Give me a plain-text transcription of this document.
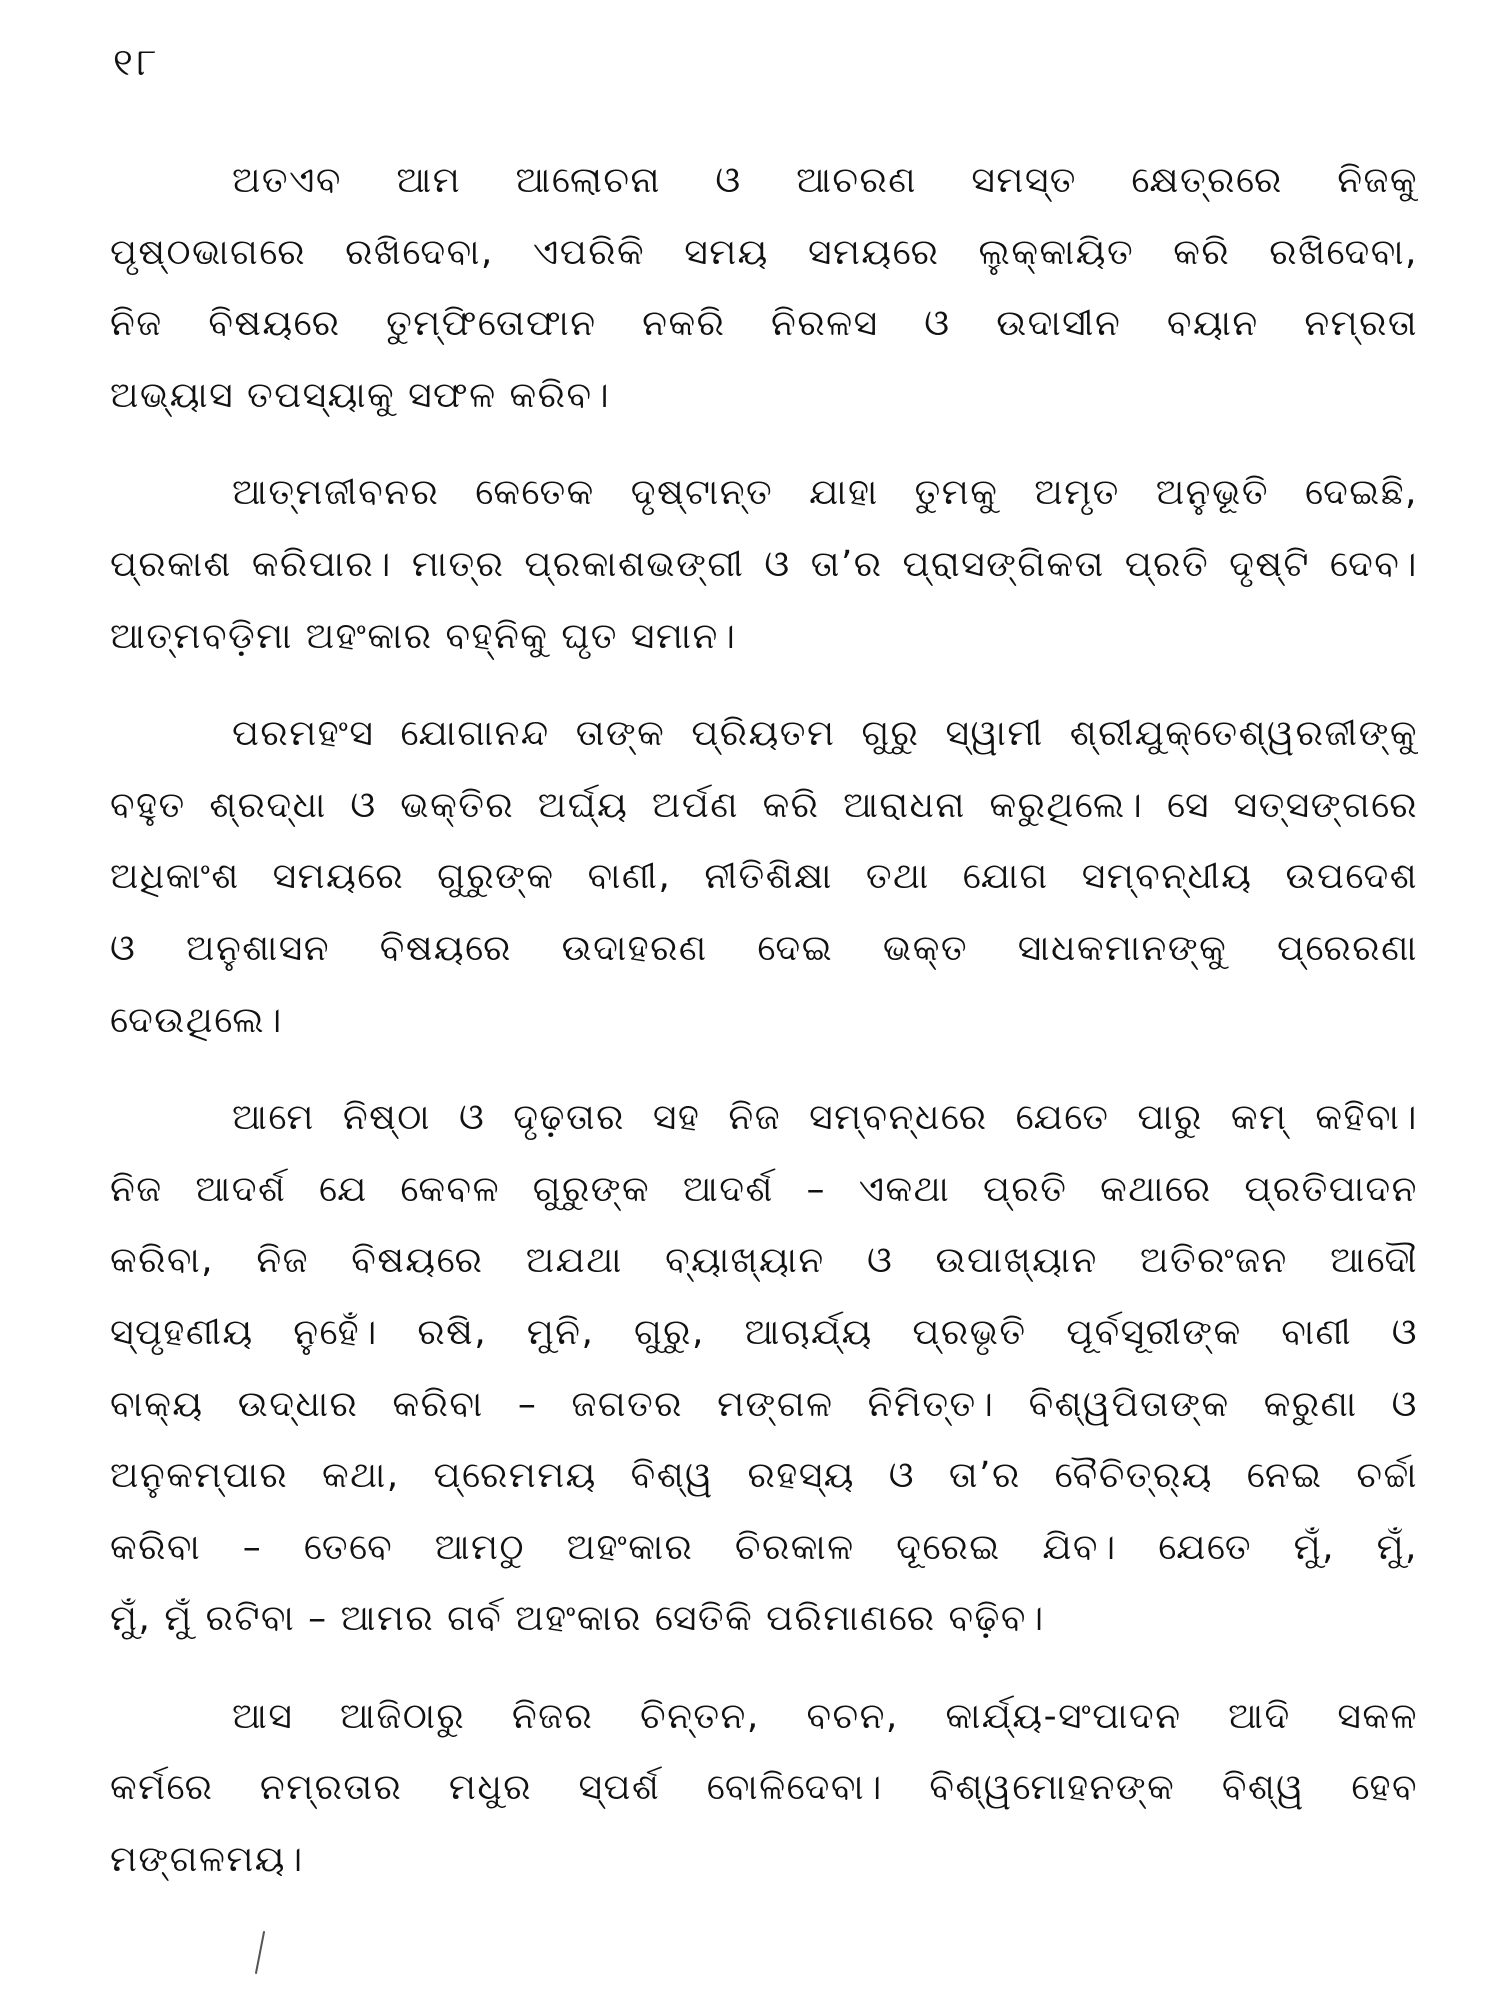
୧୮
ଅତଏବ ଆମ ଆଲୋଚନା ଓ ଆଚରଣ ସମସ୍ତ କ୍ଷେତ୍ରରେ ନିଜକୁ
ପୃଷ୍ଠଭାଗରେ ରଖିଦେବା, ଏପରିକି ସମୟ ସମୟରେ ଲୁକ୍କାୟିତ କରି ରଖିଦେବା,
ନିଜ ବିଷୟରେ ତୁମ୍ଫିତୋଫାନ ନକରି ନିରଳସ ଓ ଉଦାସୀନ ବୟାନ ନମ୍ରତା
ଅଭ୍ୟାସ ତପସ୍ୟାକୁ ସଫଳ କରିବ।
ଆତ୍ମଜୀବନର କେତେକ ଦୃଷ୍ଟାନ୍ତ ଯାହା ତୁମକୁ ଅମୃତ ଅନୁଭୂତି ଦେଇଛି,
ପ୍ରକାଶ କରିପାର। ମାତ୍ର ପ୍ରକାଶଭଙ୍ଗୀ ଓ ତା’ର ପ୍ରାସଙ୍ଗିକତା ପ୍ରତି ଦୃଷ୍ଟି ଦେବ।
ଆତ୍ମବଡ଼ିମା ଅହଂକାର ବହ୍ନିକୁ ଘୃତ ସମାନ।
ପରମହଂସ ଯୋଗାନନ୍ଦ ତାଙ୍କ ପ୍ରିୟତମ ଗୁରୁ ସ୍ୱାମୀ ଶ୍ରୀଯୁକ୍ତେଶ୍ୱରଜୀଙ୍କୁ
ବହୁତ ଶ୍ରଦ୍ଧା ଓ ଭକ୍ତିର ଅର୍ଘ୍ୟ ଅର୍ପଣ କରି ଆରାଧନା କରୁଥିଲେ। ସେ ସତ୍‌ସଙ୍ଗରେ
ଅଧିକାଂଶ ସମୟରେ ଗୁରୁଙ୍କ ବାଣୀ, ନୀତିଶିକ୍ଷା ତଥା ଯୋଗ ସମ୍ବନ୍ଧୀୟ ଉପଦେଶ
ଓ ଅନୁଶାସନ ବିଷୟରେ ଉଦାହରଣ ଦେଇ ଭକ୍ତ ସାଧକମାନଙ୍କୁ ପ୍ରେରଣା
ଦେଉଥିଲେ।
ଆମେ ନିଷ୍ଠା ଓ ଦୃଢ଼ତାର ସହ ନିଜ ସମ୍ବନ୍ଧରେ ଯେତେ ପାରୁ କମ୍ କହିବା।
ନିଜ ଆଦର୍ଶ ଯେ କେବଳ ଗୁରୁଙ୍କ ଆଦର୍ଶ – ଏକଥା ପ୍ରତି କଥାରେ ପ୍ରତିପାଦନ
କରିବା, ନିଜ ବିଷୟରେ ଅଯଥା ବ୍ୟାଖ୍ୟାନ ଓ ଉପାଖ୍ୟାନ ଅତିରଂଜନ ଆଦୌ
ସ୍ପୃହଣୀୟ ନୁହେଁ। ରଷି, ମୁନି, ଗୁରୁ, ଆଚାର୍ଯ୍ୟ ପ୍ରଭୃତି ପୂର୍ବସୂରୀଙ୍କ ବାଣୀ ଓ
ବାକ୍ୟ ଉଦ୍ଧାର କରିବା – ଜଗତର ମଙ୍ଗଳ ନିମିତ୍ତ। ବିଶ୍ୱପିତାଙ୍କ କରୁଣା ଓ
ଅନୁକମ୍ପାର କଥା, ପ୍ରେମମୟ ବିଶ୍ୱ ରହସ୍ୟ ଓ ତା’ର ବୈଚିତ୍ର୍ୟ ନେଇ ଚର୍ଚ୍ଚା
କରିବା – ତେବେ ଆମଠୁ ଅହଂକାର ଚିରକାଳ ଦୂରେଇ ଯିବ। ଯେତେ ମୁଁ, ମୁଁ,
ମୁଁ, ମୁଁ ରଟିବା – ଆମର ଗର୍ବ ଅହଂକାର ସେତିକି ପରିମାଣରେ ବଢ଼ିବ।
ଆସ ଆଜିଠାରୁ ନିଜର ଚିନ୍ତନ, ବଚନ, କାର୍ଯ୍ୟ-ସଂପାଦନ ଆଦି ସକଳ
କର୍ମରେ ନମ୍ରତାର ମଧୁର ସ୍ପର୍ଶ ବୋଳିଦେବା। ବିଶ୍ୱମୋହନଙ୍କ ବିଶ୍ୱ ହେବ
ମଙ୍ଗଳମୟ।
